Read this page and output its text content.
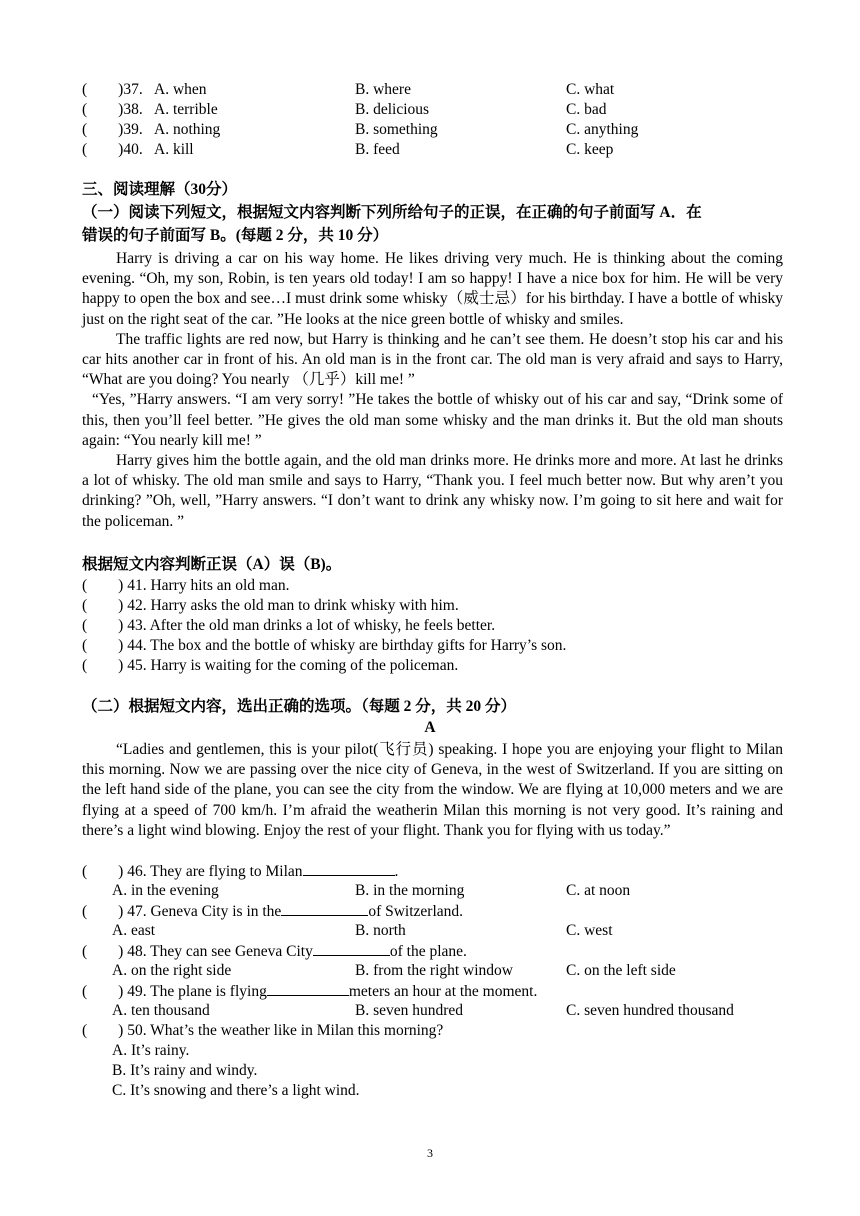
(　　)37. A. when	B. where	C. what
(　　)38. A. terrible	B. delicious	C. bad
(　　)39. A. nothing	B. something	C. anything
(　　)40. A. kill	B. feed	C. keep
三、阅读理解（30分）
（一）阅读下列短文，根据短文内容判断下列所给句子的正误，在正确的句子前面写 A．在
错误的句子前面写 B。(每题 2 分，共 10 分）

Harry is driving a car on his way home. He likes driving very much. He is thinking about the coming evening. “Oh, my son, Robin, is ten years old today! I am so happy! I have a nice box for him. He will be very happy to open the box and see…I must drink some whisky（威士忌）for his birthday. I have a bottle of whisky just on the right seat of the car. ”He looks at the nice green bottle of whisky and smiles.

The traffic lights are red now, but Harry is thinking and he can’t see them. He doesn’t stop his car and his car hits another car in front of his. An old man is in the front car. The old man is very afraid and says to Harry, “What are you doing? You nearly （几乎）kill me! ”

“Yes, ”Harry answers. “I am very sorry! ”He takes the bottle of whisky out of his car and say, “Drink some of this, then you’ll feel better. ”He gives the old man some whisky and the man drinks it. But the old man shouts again: “You nearly kill me! ”

Harry gives him the bottle again, and the old man drinks more. He drinks more and more. At last he drinks a lot of whisky. The old man smile and says to Harry, “Thank you. I feel much better now. But why aren’t you drinking? ”Oh, well, ”Harry answers. “I don’t want to drink any whisky now. I’m going to sit here and wait for the policeman. ”

根据短文内容判断正误（A）误（B)。
(　　) 41. Harry hits an old man.
(　　) 42. Harry asks the old man to drink whisky with him.
(　　) 43. After the old man drinks a lot of whisky, he feels better.
(　　) 44. The box and the bottle of whisky are birthday gifts for Harry’s son.
(　　) 45. Harry is waiting for the coming of the policeman.
（二）根据短文内容，选出正确的选项。（每题 2 分，共 20 分）
A

“Ladies and gentlemen, this is your pilot(飞行员) speaking. I hope you are enjoying your flight to Milan this morning. Now we are passing over the nice city of Geneva, in the west of Switzerland. If you are sitting on the left hand side of the plane, you can see the city from the window. We are flying at 10,000 meters and we are flying at a speed of 700 km/h. I’m afraid the weatherin Milan this morning is not very good. It’s raining and there’s a light wind blowing. Enjoy the rest of your flight. Thank you for flying with us today.”

(　　) 46. They are flying to Milan	.
A. in the evening	B. in the morning	C. at noon
(　　) 47. Geneva City is in the	of Switzerland.
A. east	B. north	C. west
(　　) 48. They can see Geneva City	of the plane.
A. on the right side	B. from the right window	C. on the left side
(　　) 49. The plane is flying	meters an hour at the moment.
A. ten thousand	B. seven hundred	C. seven hundred thousand
(　　) 50. What’s the weather like in Milan this morning?
A. It’s rainy.
B. It’s rainy and windy.
C. It’s snowing and there’s a light wind.
3
